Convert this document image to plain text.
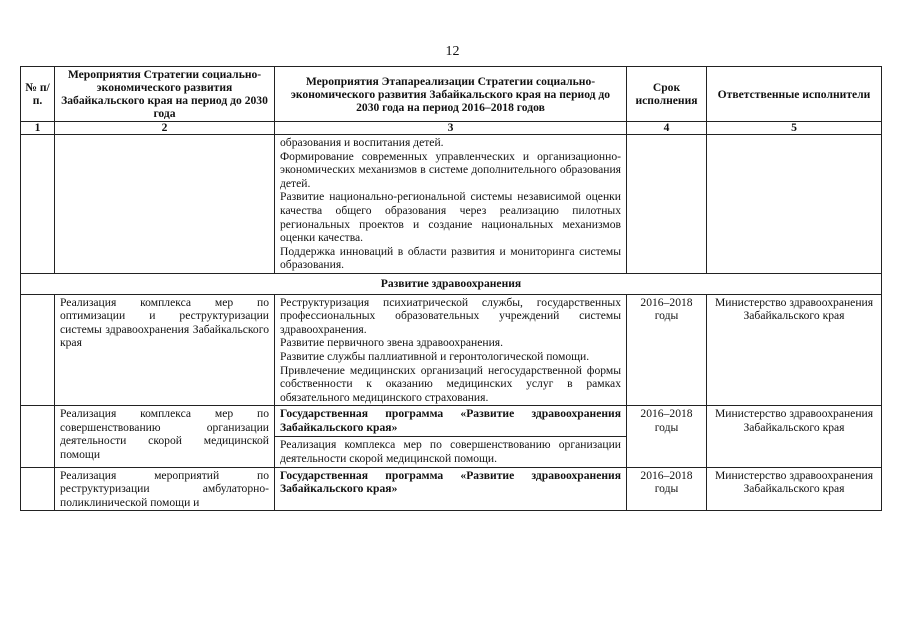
12
№ п/п.	Мероприятия Стратегии социально-экономического развития Забайкальского края на период до 2030 года	Мероприятия Этапареализации Стратегии социально-экономического развития Забайкальского края на период до 2030 года на период 2016–2018 годов	Срок исполнения	Ответственные исполнители
1	2	3	4	5

		образования и воспитания детей.

Формирование современных управленческих и организационно-экономических механизмов в системе дополнительного образования детей.

Развитие национально-региональной системы независимой оценки качества общего образования через реализацию пилотных региональных проектов и создание национальных механизмов оценки качества.

Поддержка инноваций в области развития и мониторинга системы образования.		

Развитие здравоохранения				
	Реализация комплекса мер по оптимизации и реструктуризации системы здравоохранения Забайкальского края	Реструктуризация психиатрической службы, государственных профессиональных образовательных учреждений системы здравоохранения.

Развитие первичного звена здравоохранения.

Развитие службы паллиативной и геронтологической помощи.

Привлечение медицинских организаций негосударственной формы собственности к оказанию медицинских услуг в рамках обязательного медицинского страхования.	2016–2018 годы	Министерство здравоохранения Забайкальского края
	Реализация комплекса мер по совершенствованию организации деятельности скорой медицинской помощи	Государственная программа «Развитие здравоохранения Забайкальского края»

Реализация комплекса мер по совершенствованию организации деятельности скорой медицинской помощи.	2016–2018 годы	Министерство здравоохранения Забайкальского края
	Реализация мероприятий по реструктуризации амбулаторно-поликлинической помощи и	Государственная программа «Развитие здравоохранения Забайкальского края»	2016–2018 годы	Министерство здравоохранения Забайкальского края
